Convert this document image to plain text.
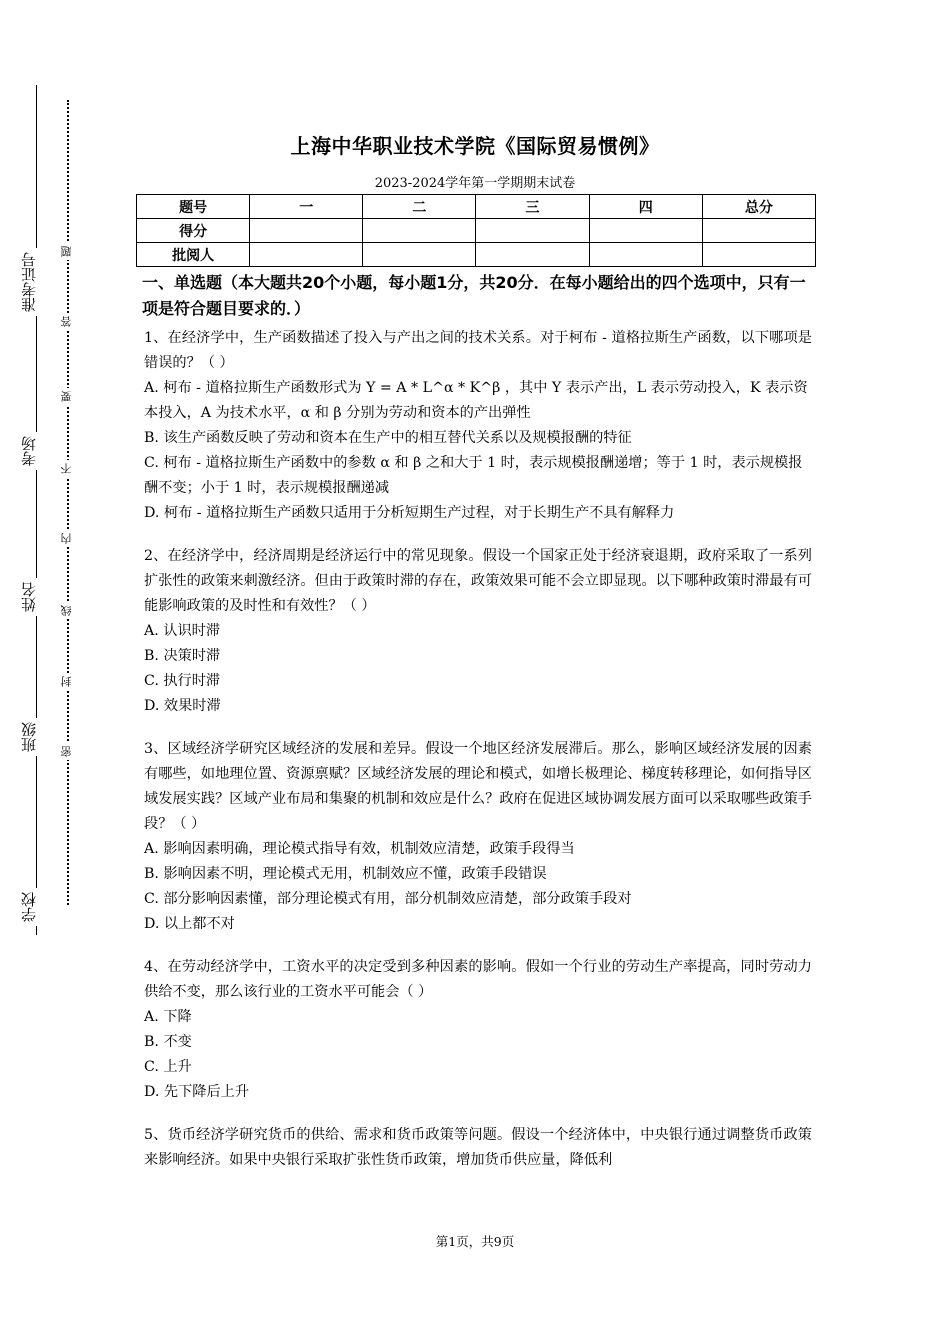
准考证号
考场
姓名
班级
学校
题
答
要
不
内
线
封
密
上海中华职业技术学院《国际贸易惯例》
2023-2024学年第一学期期末试卷
题号	一	二	三	四	总分
得分					
批阅人					
一、单选题（本大题共20个小题，每小题1分，共20分．在每小题给出的四个选项中，只有一项是符合题目要求的．）
1、在经济学中，生产函数描述了投入与产出之间的技术关系。对于柯布 - 道格拉斯生产函数，以下哪项是错误的？（ ）
A. 柯布 - 道格拉斯生产函数形式为 Y = A * L^α * K^β ，其中 Y 表示产出，L 表示劳动投入，K 表示资本投入，A 为技术水平，α 和 β 分别为劳动和资本的产出弹性
B. 该生产函数反映了劳动和资本在生产中的相互替代关系以及规模报酬的特征
C. 柯布 - 道格拉斯生产函数中的参数 α 和 β 之和大于 1 时，表示规模报酬递增；等于 1 时，表示规模报酬不变；小于 1 时，表示规模报酬递减
D. 柯布 - 道格拉斯生产函数只适用于分析短期生产过程，对于长期生产不具有解释力
2、在经济学中，经济周期是经济运行中的常见现象。假设一个国家正处于经济衰退期，政府采取了一系列扩张性的政策来刺激经济。但由于政策时滞的存在，政策效果可能不会立即显现。以下哪种政策时滞最有可能影响政策的及时性和有效性？（ ）
A. 认识时滞
B. 决策时滞
C. 执行时滞
D. 效果时滞
3、区域经济学研究区域经济的发展和差异。假设一个地区经济发展滞后。那么，影响区域经济发展的因素有哪些，如地理位置、资源禀赋？区域经济发展的理论和模式，如增长极理论、梯度转移理论，如何指导区域发展实践？区域产业布局和集聚的机制和效应是什么？政府在促进区域协调发展方面可以采取哪些政策手段？（ ）
A. 影响因素明确，理论模式指导有效，机制效应清楚，政策手段得当
B. 影响因素不明，理论模式无用，机制效应不懂，政策手段错误
C. 部分影响因素懂，部分理论模式有用，部分机制效应清楚，部分政策手段对
D. 以上都不对
4、在劳动经济学中，工资水平的决定受到多种因素的影响。假如一个行业的劳动生产率提高，同时劳动力供给不变，那么该行业的工资水平可能会（ ）
A. 下降
B. 不变
C. 上升
D. 先下降后上升
5、货币经济学研究货币的供给、需求和货币政策等问题。假设一个经济体中，中央银行通过调整货币政策来影响经济。如果中央银行采取扩张性货币政策，增加货币供应量，降低利
第1页，共9页
